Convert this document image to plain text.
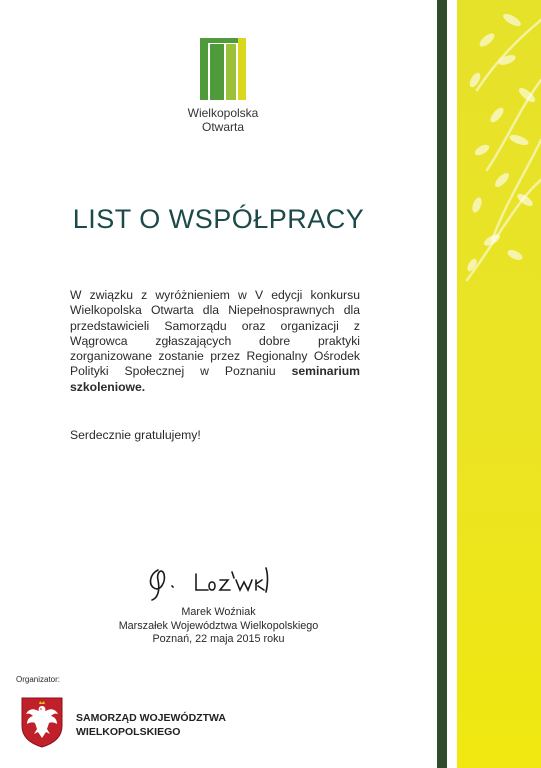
Wielkopolska
Otwarta
LIST O WSPÓŁPRACY
W związku z wyróżnieniem w V edycji konkursu Wielkopolska Otwarta dla Niepełnosprawnych dla przedstawicieli Samorządu oraz organizacji z Wągrowca zgłaszających dobre praktyki zorganizowane zostanie przez Regionalny Ośrodek Polityki Społecznej w Poznaniu seminarium szkoleniowe.
Serdecznie gratulujemy!
Marek Woźniak
Marszałek Województwa Wielkopolskiego
Poznań, 22 maja 2015 roku
Organizator:
SAMORZĄD WOJEWÓDZTWA
WIELKOPOLSKIEGO
